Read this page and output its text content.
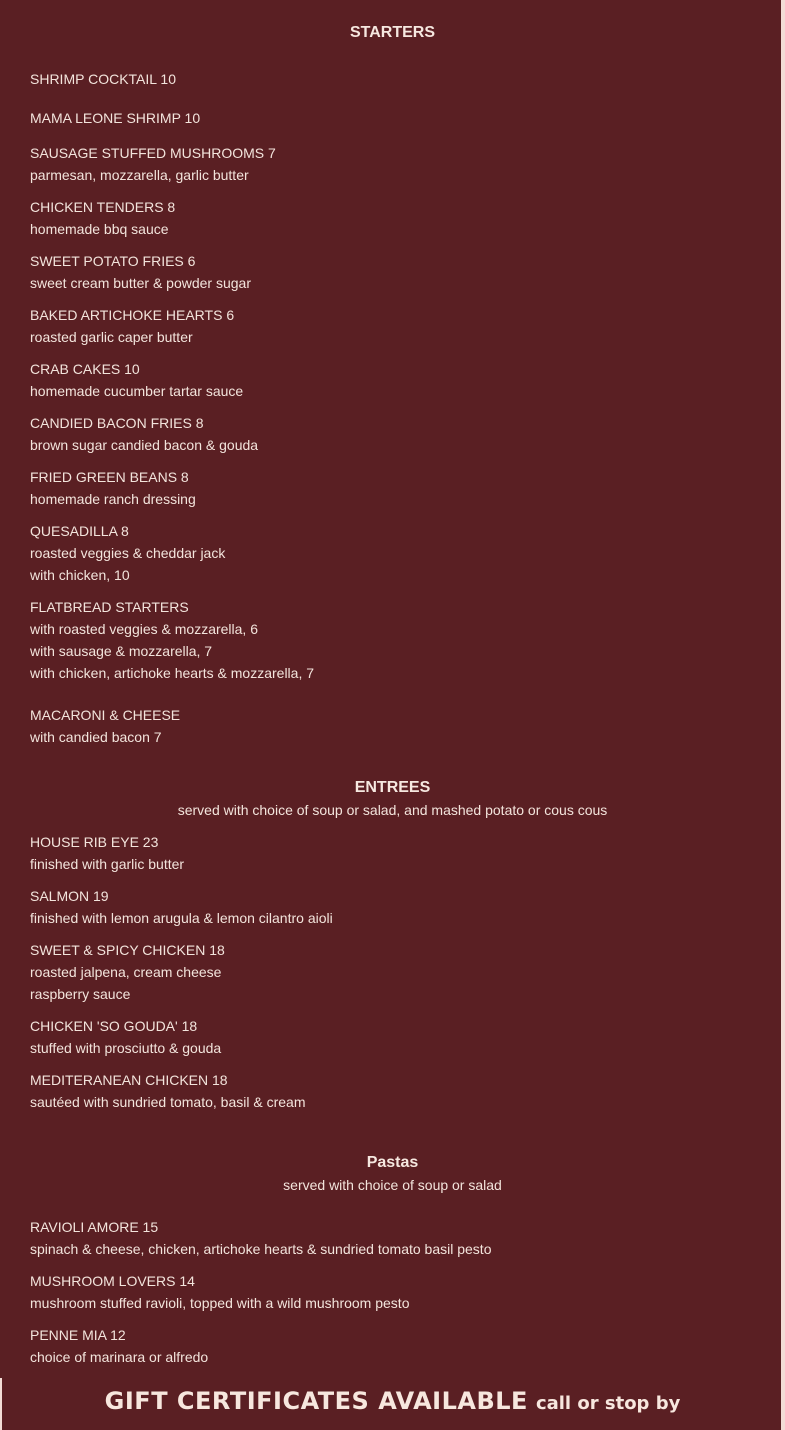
STARTERS
SHRIMP COCKTAIL 10
MAMA LEONE SHRIMP 10
SAUSAGE STUFFED MUSHROOMS 7
parmesan, mozzarella, garlic butter
CHICKEN TENDERS 8
homemade bbq sauce
SWEET POTATO FRIES 6
sweet cream butter & powder sugar
BAKED ARTICHOKE HEARTS 6
roasted garlic caper butter
CRAB CAKES 10
homemade cucumber tartar sauce
CANDIED BACON FRIES 8
brown sugar candied bacon & gouda
FRIED GREEN BEANS 8
homemade ranch dressing
QUESADILLA 8
roasted veggies & cheddar jack
with chicken, 10
FLATBREAD STARTERS
with roasted veggies & mozzarella, 6
with sausage & mozzarella, 7
with chicken, artichoke hearts & mozzarella, 7
MACARONI & CHEESE
with candied bacon 7
ENTREES
served with choice of soup or salad, and mashed potato or cous cous
HOUSE RIB EYE 23
finished with garlic butter
SALMON 19
finished with lemon arugula & lemon cilantro aioli
SWEET & SPICY CHICKEN 18
roasted jalpena, cream cheese
raspberry sauce
CHICKEN 'SO GOUDA' 18
stuffed with prosciutto & gouda
MEDITERANEAN CHICKEN 18
sautéed with sundried tomato, basil & cream
Pastas
served with choice of soup or salad
RAVIOLI AMORE 15
spinach & cheese, chicken, artichoke hearts & sundried tomato basil pesto
MUSHROOM LOVERS 14
mushroom stuffed ravioli, topped with a wild mushroom pesto
PENNE MIA 12
choice of marinara or alfredo
GIFT CERTIFICATES AVAILABLE call or stop by
